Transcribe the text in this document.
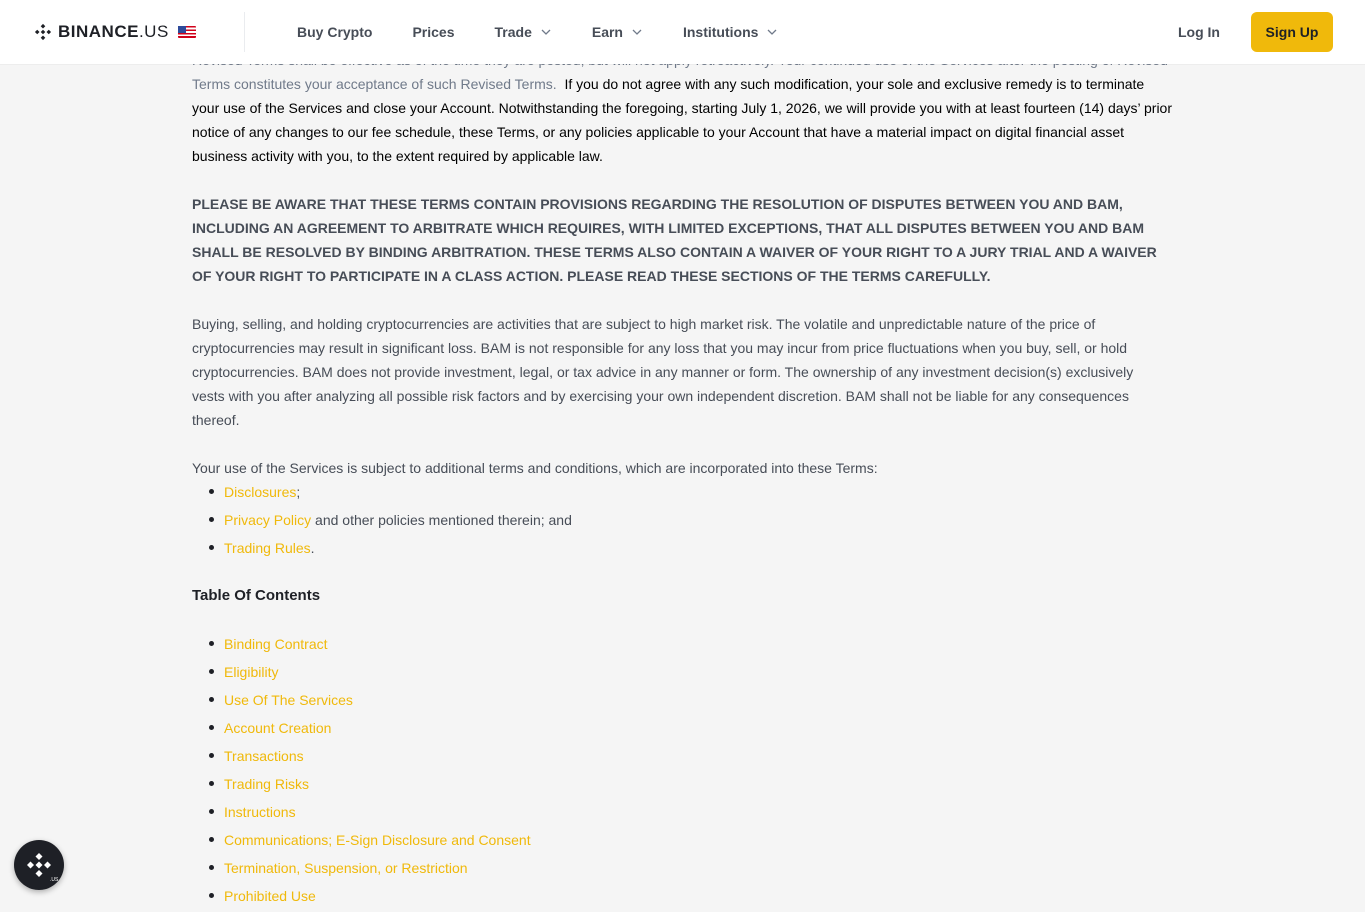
BINANCE.US	Buy Crypto	Prices	Trade	Earn	Institutions	Log In	Sign Up
Terms constitutes your acceptance of such Revised Terms. If you do not agree with any such modification, your sole and exclusive remedy is to terminate your use of the Services and close your Account. Notwithstanding the foregoing, starting July 1, 2026, we will provide you with at least fourteen (14) days’ prior notice of any changes to our fee schedule, these Terms, or any policies applicable to your Account that have a material impact on digital financial asset business activity with you, to the extent required by applicable law.
PLEASE BE AWARE THAT THESE TERMS CONTAIN PROVISIONS REGARDING THE RESOLUTION OF DISPUTES BETWEEN YOU AND BAM, INCLUDING AN AGREEMENT TO ARBITRATE WHICH REQUIRES, WITH LIMITED EXCEPTIONS, THAT ALL DISPUTES BETWEEN YOU AND BAM SHALL BE RESOLVED BY BINDING ARBITRATION. THESE TERMS ALSO CONTAIN A WAIVER OF YOUR RIGHT TO A JURY TRIAL AND A WAIVER OF YOUR RIGHT TO PARTICIPATE IN A CLASS ACTION. PLEASE READ THESE SECTIONS OF THE TERMS CAREFULLY.
Buying, selling, and holding cryptocurrencies are activities that are subject to high market risk. The volatile and unpredictable nature of the price of cryptocurrencies may result in significant loss. BAM is not responsible for any loss that you may incur from price fluctuations when you buy, sell, or hold cryptocurrencies. BAM does not provide investment, legal, or tax advice in any manner or form. The ownership of any investment decision(s) exclusively vests with you after analyzing all possible risk factors and by exercising your own independent discretion. BAM shall not be liable for any consequences thereof.
Your use of the Services is subject to additional terms and conditions, which are incorporated into these Terms:
Disclosures;
Privacy Policy and other policies mentioned therein; and
Trading Rules.
Table Of Contents
Binding Contract
Eligibility
Use Of The Services
Account Creation
Transactions
Trading Risks
Instructions
Communications; E-Sign Disclosure and Consent
Termination, Suspension, or Restriction
Prohibited Use
.US
